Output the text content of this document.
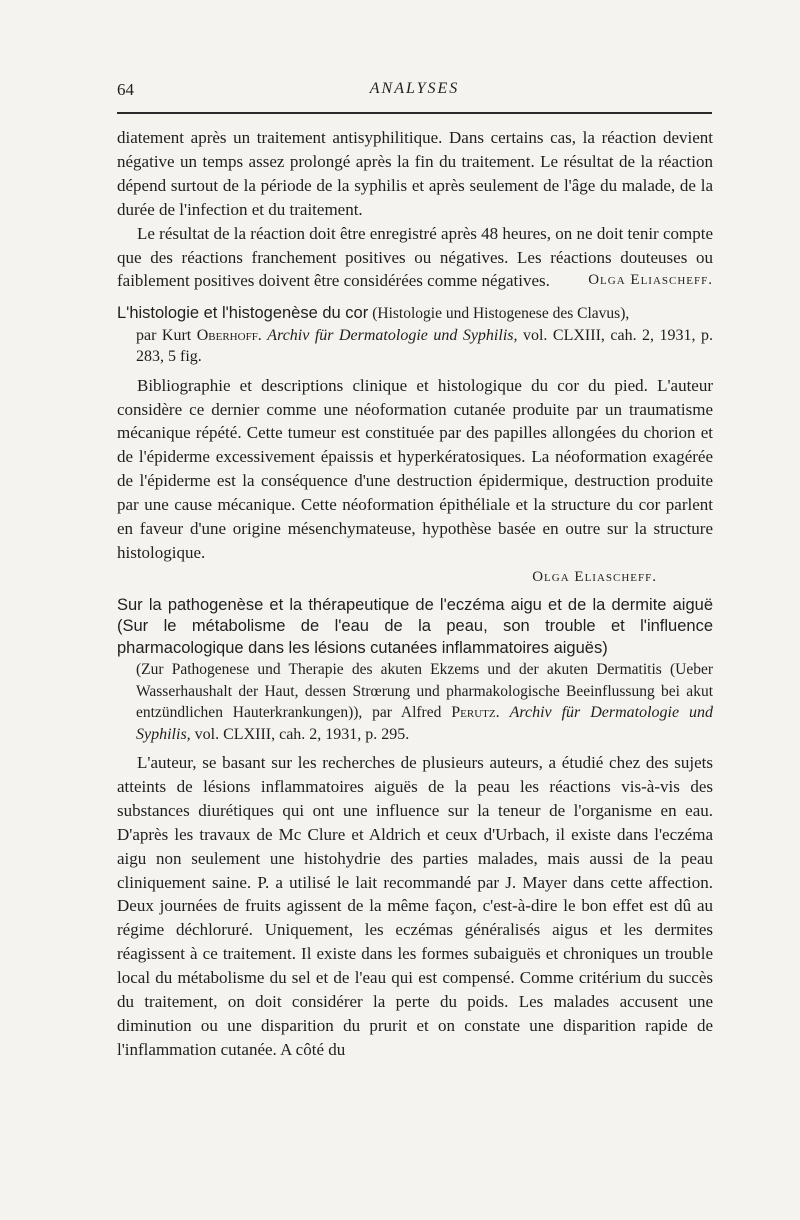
64	ANALYSES

diatement après un traitement antisyphilitique. Dans certains cas, la réaction devient négative un temps assez prolongé après la fin du traitement. Le résultat de la réaction dépend surtout de la période de la syphilis et après seulement de l'âge du malade, de la durée de l'infection et du traitement.

Le résultat de la réaction doit être enregistré après 48 heures, on ne doit tenir compte que des réactions franchement positives ou négatives. Les réactions douteuses ou faiblement positives doivent être considérées comme négatives.	Olga Eliascheff.

L'histologie et l'histogenèse du cor (Histologie und Histogenese des Clavus),
par Kurt Oberhoff. Archiv für Dermatologie und Syphilis, vol. CLXIII, cah. 2, 1931, p. 283, 5 fig.

Bibliographie et descriptions clinique et histologique du cor du pied. L'auteur considère ce dernier comme une néoformation cutanée produite par un traumatisme mécanique répété. Cette tumeur est constituée par des papilles allongées du chorion et de l'épiderme excessivement épaissis et hyperkératosiques. La néoformation exagérée de l'épiderme est la conséquence d'une destruction épidermique, destruction produite par une cause mécanique. Cette néoformation épithéliale et la structure du cor parlent en faveur d'une origine mésenchymateuse, hypothèse basée en outre sur la structure histologique.

Olga Eliascheff.

Sur la pathogenèse et la thérapeutique de l'eczéma aigu et de la dermite aiguë (Sur le métabolisme de l'eau de la peau, son trouble et l'influence pharmacologique dans les lésions cutanées inflammatoires aiguës)
(Zur Pathogenese und Therapie des akuten Ekzems und der akuten Dermatitis (Ueber Wasserhaushalt der Haut, dessen Strœrung und pharmakologische Beeinflussung bei akut entzündlichen Hauterkrankungen)), par Alfred Perutz. Archiv für Dermatologie und Syphilis, vol. CLXIII, cah. 2, 1931, p. 295.

L'auteur, se basant sur les recherches de plusieurs auteurs, a étudié chez des sujets atteints de lésions inflammatoires aiguës de la peau les réactions vis-à-vis des substances diurétiques qui ont une influence sur la teneur de l'organisme en eau. D'après les travaux de Mc Clure et Aldrich et ceux d'Urbach, il existe dans l'eczéma aigu non seulement une histohydrie des parties malades, mais aussi de la peau cliniquement saine. P. a utilisé le lait recommandé par J. Mayer dans cette affection. Deux journées de fruits agissent de la même façon, c'est-à-dire le bon effet est dû au régime déchloruré. Uniquement, les eczémas généralisés aigus et les dermites réagissent à ce traitement. Il existe dans les formes subaiguës et chroniques un trouble local du métabolisme du sel et de l'eau qui est compensé. Comme critérium du succès du traitement, on doit considérer la perte du poids. Les malades accusent une diminution ou une disparition du prurit et on constate une disparition rapide de l'inflammation cutanée. A côté du
